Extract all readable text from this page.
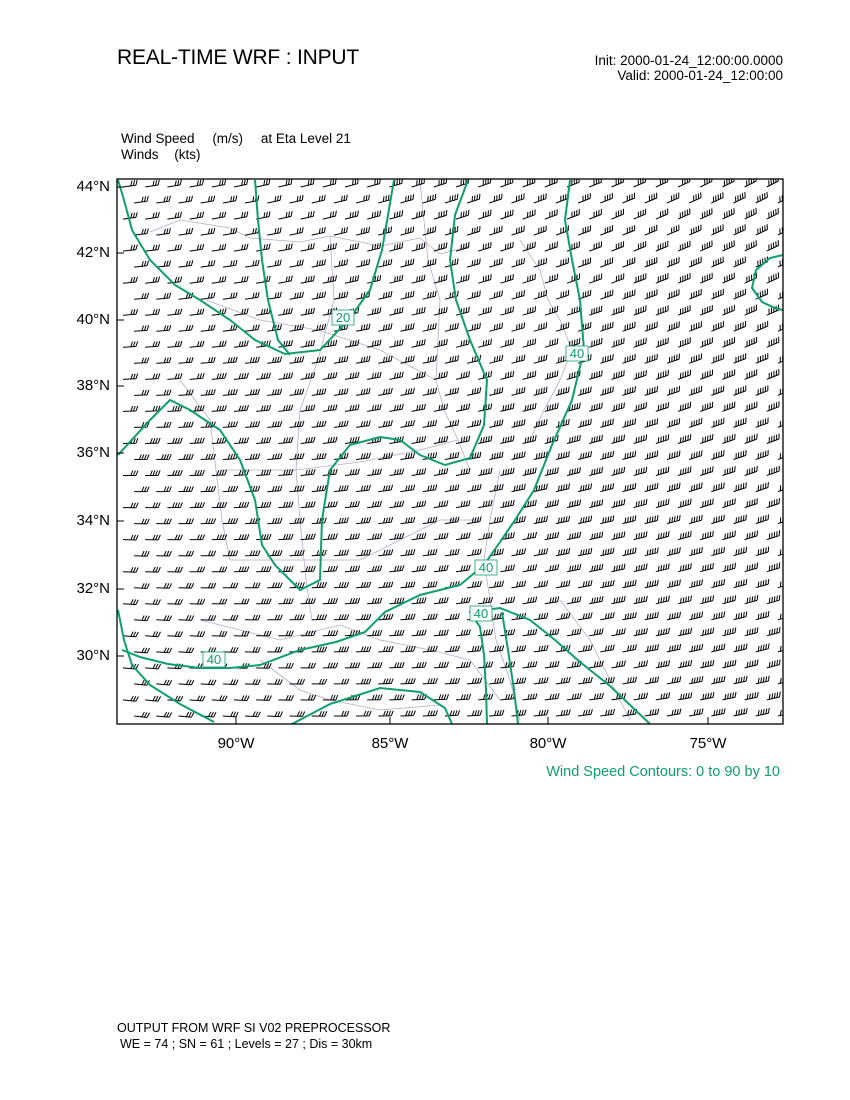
REAL-TIME WRF : INPUT	Init: 2000-01-24_12:00:00.0000
Valid: 2000-01-24_12:00:00
Wind Speed (m/s) at Eta Level 21
Winds (kts)
20
40
40
40
40
44°N
42°N
40°N
38°N
36°N
34°N
32°N
30°N
90°W	85°W	80°W	75°W
Wind Speed Contours: 0 to 90 by 10
OUTPUT FROM WRF SI V02 PREPROCESSOR
WE = 74 ; SN = 61 ; Levels = 27 ; Dis = 30km
